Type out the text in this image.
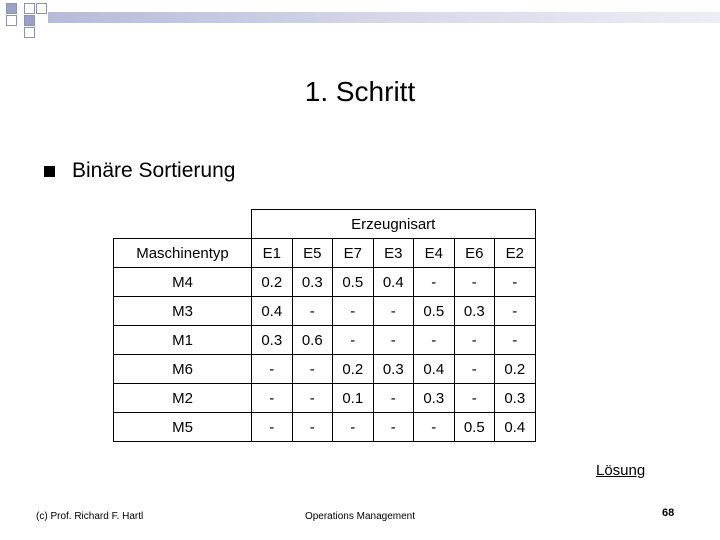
1. Schritt
Binäre Sortierung
	Erzeugnisart						
Maschinentyp	E1	E5	E7	E3	E4	E6	E2
M4	0.2	0.3	0.5	0.4	-	-	-
M3	0.4	-	-	-	0.5	0.3	-
M1	0.3	0.6	-	-	-	-	-
M6	-	-	0.2	0.3	0.4	-	0.2
M2	-	-	0.1	-	0.3	-	0.3
M5	-	-	-	-	-	0.5	0.4
Lösung
(c) Prof. Richard F. Hartl	Operations Management	68
